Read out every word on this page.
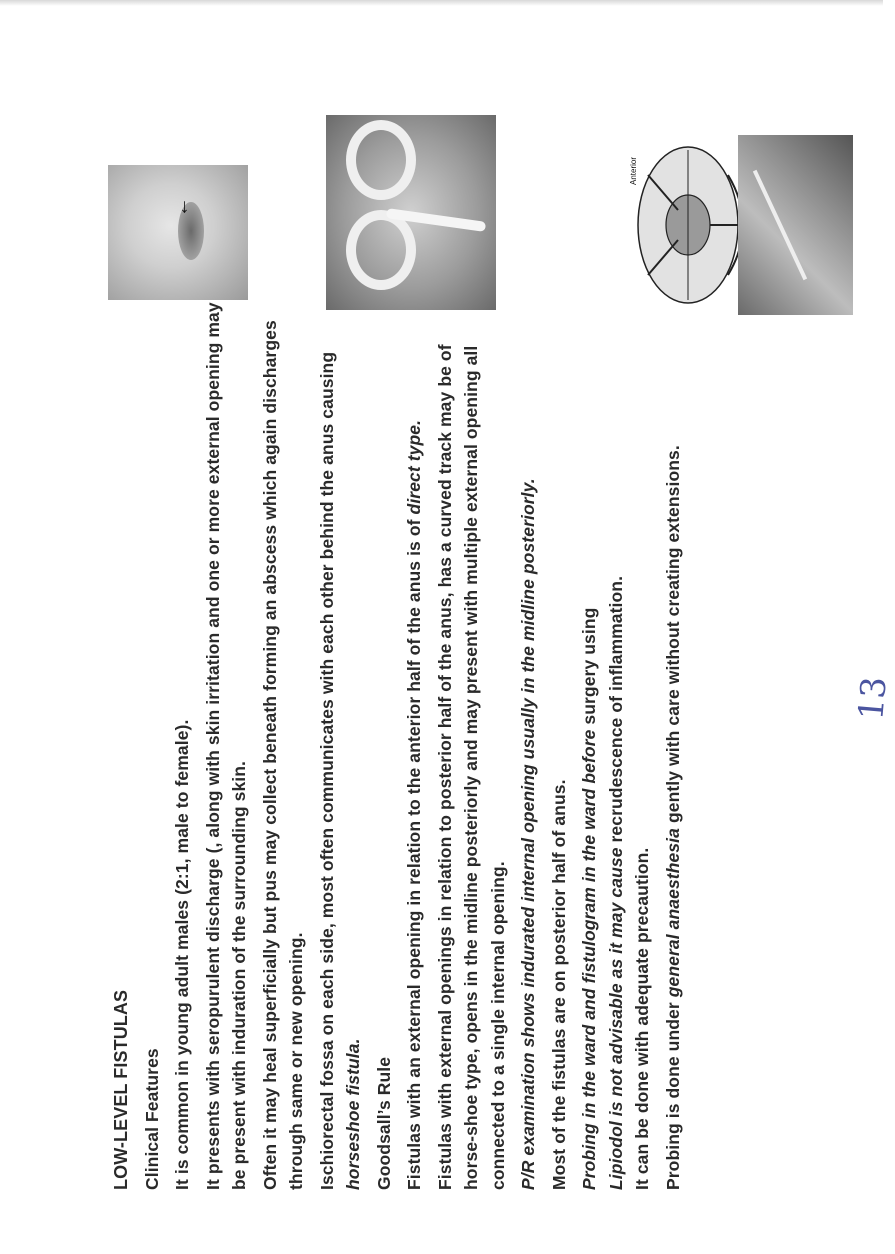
LOW-LEVEL FISTULAS Clinical Features It is common in young adult males (2:1, male to female). It presents with seropurulent discharge (, along with skin irritation and one or more external opening may be present with induration of the surrounding skin. Often it may heal superficially but pus may collect beneath forming an abscess which again discharges through same or new opening. Ischiorectal fossa on each side, most often communicates with each other behind the anus causing horseshoe fistula. Goodsall’s Rule Fistulas with an external opening in relation to the anterior half of the anus is of direct type. Fistulas with external openings in relation to posterior half of the anus, has a curved track may be of horse-shoe type, opens in the midline posteriorly and may present with multiple external opening all connected to a single internal opening. P/R examination shows indurated internal opening usually in the midline posteriorly. Most of the fistulas are on posterior half of anus. Probing in the ward and fistulogram in the ward before surgery using
Lipiodol is not advisable as it may cause recrudescence of inflammation.
It can be done with adequate precaution. Probing is done under general anaesthesia gently with care without creating extensions.

↓
Anterior
13
